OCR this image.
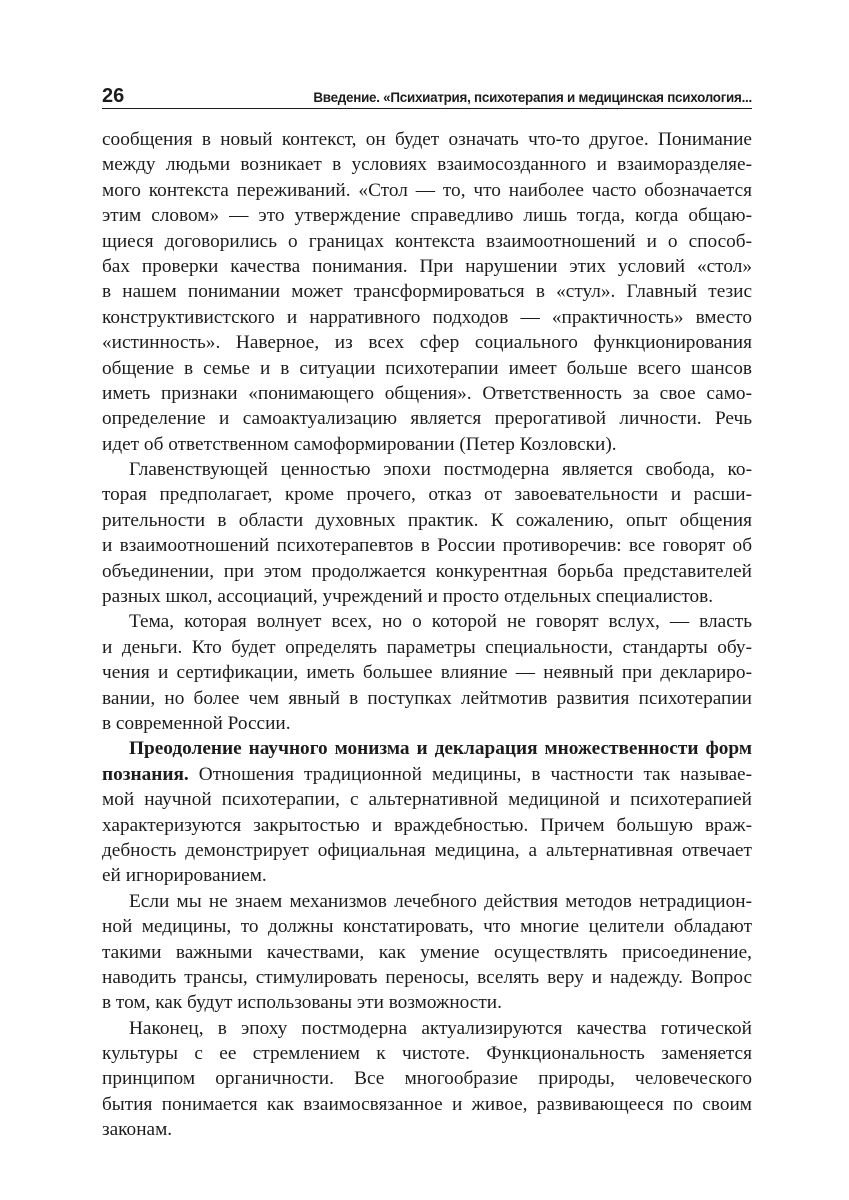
26	Введение. «Психиатрия, психотерапия и медицинская психология...
сообщения в новый контекст, он будет означать что-то другое. Понимание
между людьми возникает в условиях взаимосозданного и взаиморазделяе-
мого контекста переживаний. «Стол — то, что наиболее часто обозначается
этим словом» — это утверждение справедливо лишь тогда, когда общаю-
щиеся договорились о границах контекста взаимоотношений и о способ-
бах проверки качества понимания. При нарушении этих условий «стол»
в нашем понимании может трансформироваться в «стул». Главный тезис
конструктивистского и нарративного подходов — «практичность» вместо
«истинность». Наверное, из всех сфер социального функционирования
общение в семье и в ситуации психотерапии имеет больше всего шансов
иметь признаки «понимающего общения». Ответственность за свое само-
определение и самоактуализацию является прерогативой личности. Речь
идет об ответственном самоформировании (Петер Козловски).
Главенствующей ценностью эпохи постмодерна является свобода, ко-
торая предполагает, кроме прочего, отказ от завоевательности и расши-
рительности в области духовных практик. К сожалению, опыт общения
и взаимоотношений психотерапевтов в России противоречив: все говорят об
объединении, при этом продолжается конкурентная борьба представителей
разных школ, ассоциаций, учреждений и просто отдельных специалистов.
Тема, которая волнует всех, но о которой не говорят вслух, — власть
и деньги. Кто будет определять параметры специальности, стандарты обу-
чения и сертификации, иметь большее влияние — неявный при деклариро-
вании, но более чем явный в поступках лейтмотив развития психотерапии
в современной России.
Преодоление научного монизма и декларация множественности форм
познания. Отношения традиционной медицины, в частности так называе-
мой научной психотерапии, с альтернативной медициной и психотерапией
характеризуются закрытостью и враждебностью. Причем большую враж-
дебность демонстрирует официальная медицина, а альтернативная отвечает
ей игнорированием.
Если мы не знаем механизмов лечебного действия методов нетрадицион-
ной медицины, то должны констатировать, что многие целители обладают
такими важными качествами, как умение осуществлять присоединение,
наводить трансы, стимулировать переносы, вселять веру и надежду. Вопрос
в том, как будут использованы эти возможности.
Наконец, в эпоху постмодерна актуализируются качества готической
культуры с ее стремлением к чистоте. Функциональность заменяется
принципом органичности. Все многообразие природы, человеческого
бытия понимается как взаимосвязанное и живое, развивающееся по своим
законам.
